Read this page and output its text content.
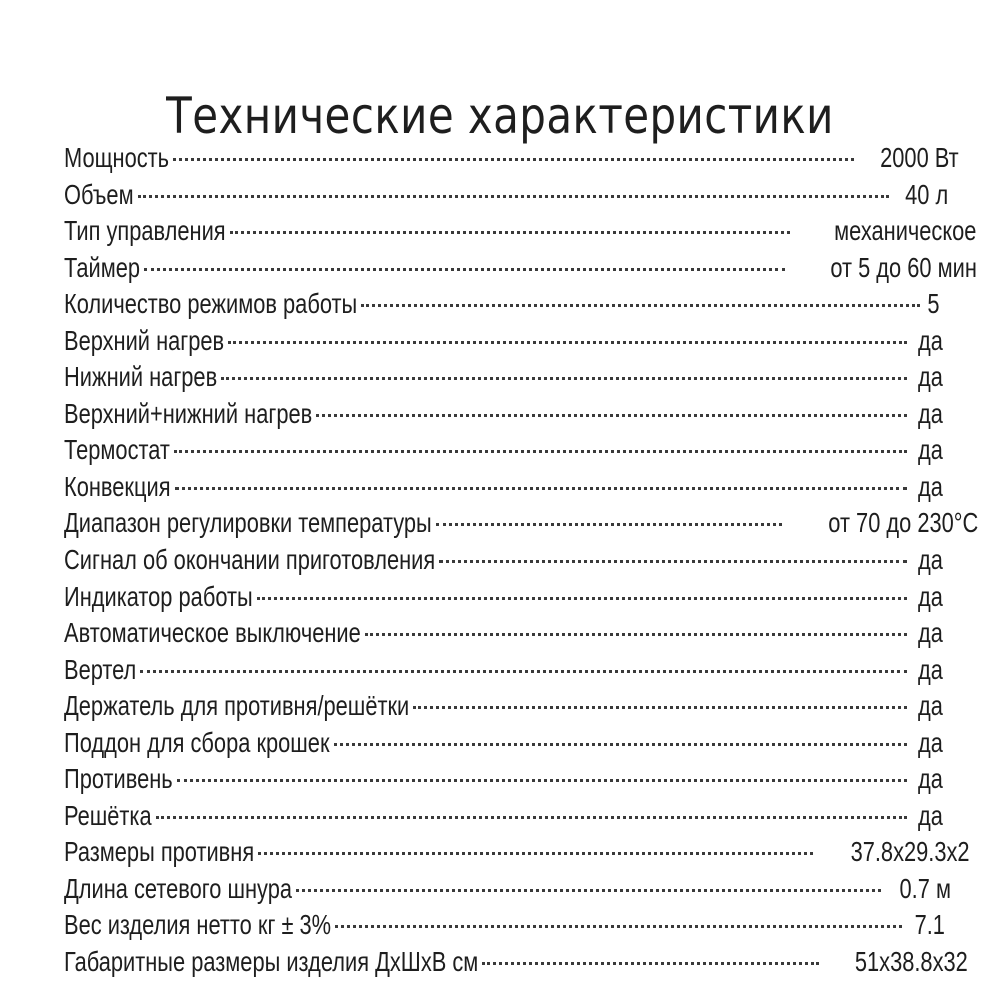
Технические характеристики
Мощность	2000 Вт
Объем	40 л
Тип управления	механическое
Таймер	от 5 до 60 мин
Количество режимов работы	5
Верхний нагрев	да
Нижний нагрев	да
Верхний+нижний нагрев	да
Термостат	да
Конвекция	да
Диапазон регулировки температуры	от 70 до 230°С
Сигнал об окончании приготовления	да
Индикатор работы	да
Автоматическое выключение	да
Вертел	да
Держатель для противня/решётки	да
Поддон для сбора крошек	да
Противень	да
Решётка	да
Размеры противня	37.8х29.3х2
Длина сетевого шнура	0.7 м
Вес изделия нетто кг ± 3%	7.1
Габаритные размеры изделия ДхШхВ см	51х38.8х32
